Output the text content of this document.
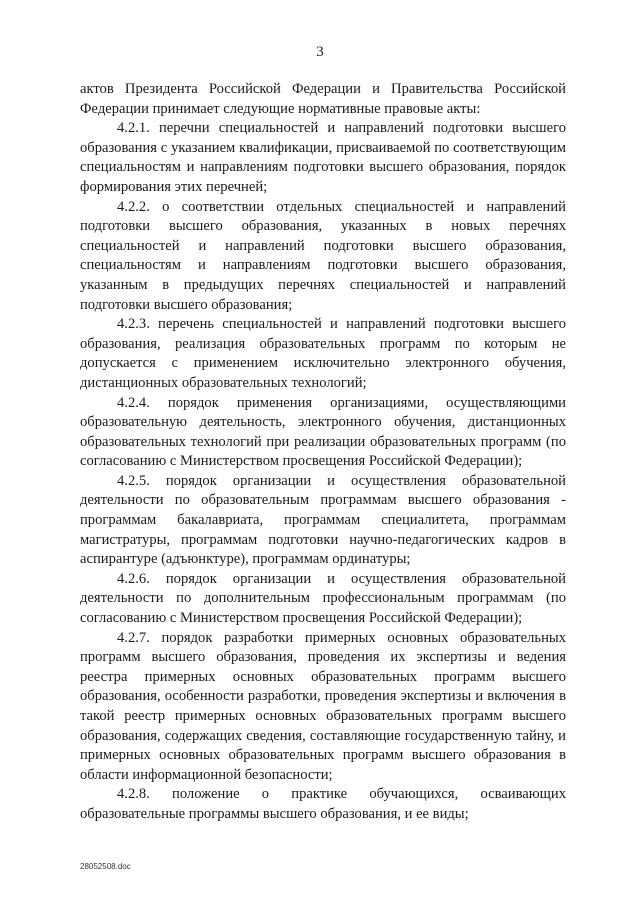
3

актов Президента Российской Федерации и Правительства Российской Федерации принимает следующие нормативные правовые акты:

4.2.1. перечни специальностей и направлений подготовки высшего образования с указанием квалификации, присваиваемой по соответствующим специальностям и направлениям подготовки высшего образования, порядок формирования этих перечней;

4.2.2. о соответствии отдельных специальностей и направлений подготовки высшего образования, указанных в новых перечнях специальностей и направлений подготовки высшего образования, специальностям и направлениям подготовки высшего образования, указанным в предыдущих перечнях специальностей и направлений подготовки высшего образования;

4.2.3. перечень специальностей и направлений подготовки высшего образования, реализация образовательных программ по которым не допускается с применением исключительно электронного обучения, дистанционных образовательных технологий;

4.2.4. порядок применения организациями, осуществляющими образовательную деятельность, электронного обучения, дистанционных образовательных технологий при реализации образовательных программ (по согласованию с Министерством просвещения Российской Федерации);

4.2.5. порядок организации и осуществления образовательной деятельности по образовательным программам высшего образования - программам бакалавриата, программам специалитета, программам магистратуры, программам подготовки научно-педагогических кадров в аспирантуре (адъюнктуре), программам ординатуры;

4.2.6. порядок организации и осуществления образовательной деятельности по дополнительным профессиональным программам (по согласованию с Министерством просвещения Российской Федерации);

4.2.7. порядок разработки примерных основных образовательных программ высшего образования, проведения их экспертизы и ведения реестра примерных основных образовательных программ высшего образования, особенности разработки, проведения экспертизы и включения в такой реестр примерных основных образовательных программ высшего образования, содержащих сведения, составляющие государственную тайну, и примерных основных образовательных программ высшего образования в области информационной безопасности;

4.2.8. положение о практике обучающихся, осваивающих образовательные программы высшего образования, и ее виды;

28052508.doc
